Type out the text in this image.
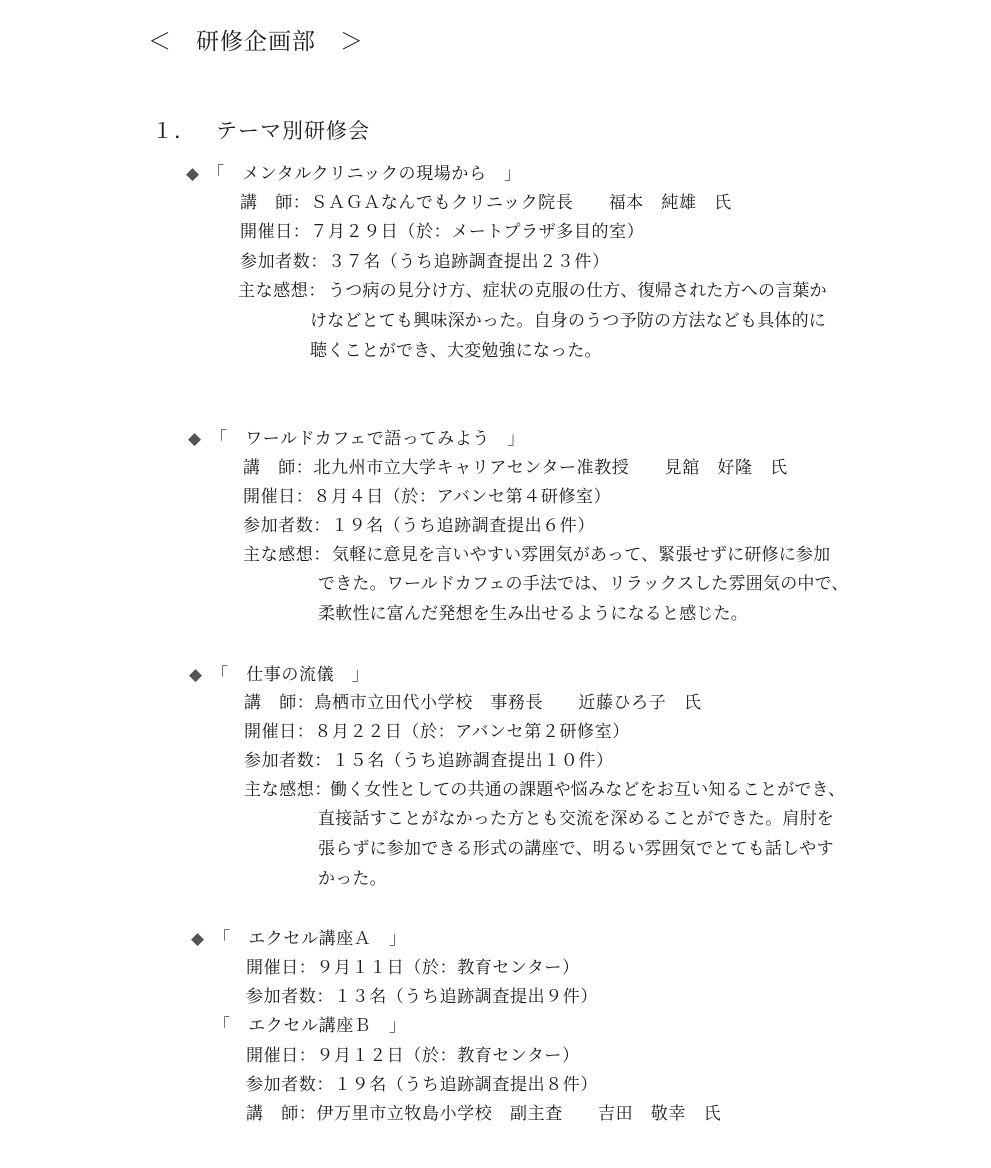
＜　研修企画部　＞
１． テーマ別研修会
◆ 「　メンタルクリニックの現場から　」
講　師：ＳＡＧＡなんでもクリニック院長　　福本　純雄　氏
開催日：７月２９日（於：メートプラザ多目的室）
参加者数：３７名（うち追跡調査提出２３件）
主な感想： うつ病の見分け方、症状の克服の仕方、復帰された方への言葉か
けなどとても興味深かった。自身のうつ予防の方法なども具体的に
聴くことができ、大変勉強になった。
◆ 「　ワールドカフェで語ってみよう　」
講　師：北九州市立大学キャリアセンター准教授　　見舘　好隆　氏
開催日：８月４日（於：アバンセ第４研修室）
参加者数：１９名（うち追跡調査提出６件）
主な感想： 気軽に意見を言いやすい雰囲気があって、緊張せずに研修に参加
できた。ワールドカフェの手法では、リラックスした雰囲気の中で、
柔軟性に富んだ発想を生み出せるようになると感じた。
◆ 「　仕事の流儀　」
講　師：鳥栖市立田代小学校　事務長　　近藤ひろ子　氏
開催日：８月２２日（於：アバンセ第２研修室）
参加者数：１５名（うち追跡調査提出１０件）
主な感想：
働く女性としての共通の課題や悩みなどをお互い知ることができ、
直接話すことがなかった方とも交流を深めることができた。肩肘を
張らずに参加できる形式の講座で、明るい雰囲気でとても話しやす
かった。
◆ 「　エクセル講座Ａ　」
開催日：９月１１日（於：教育センター）
参加者数：１３名（うち追跡調査提出９件）
「　エクセル講座Ｂ　」
開催日：９月１２日（於：教育センター）
参加者数：１９名（うち追跡調査提出８件）
講　師：伊万里市立牧島小学校　副主査　　吉田　敬幸　氏
